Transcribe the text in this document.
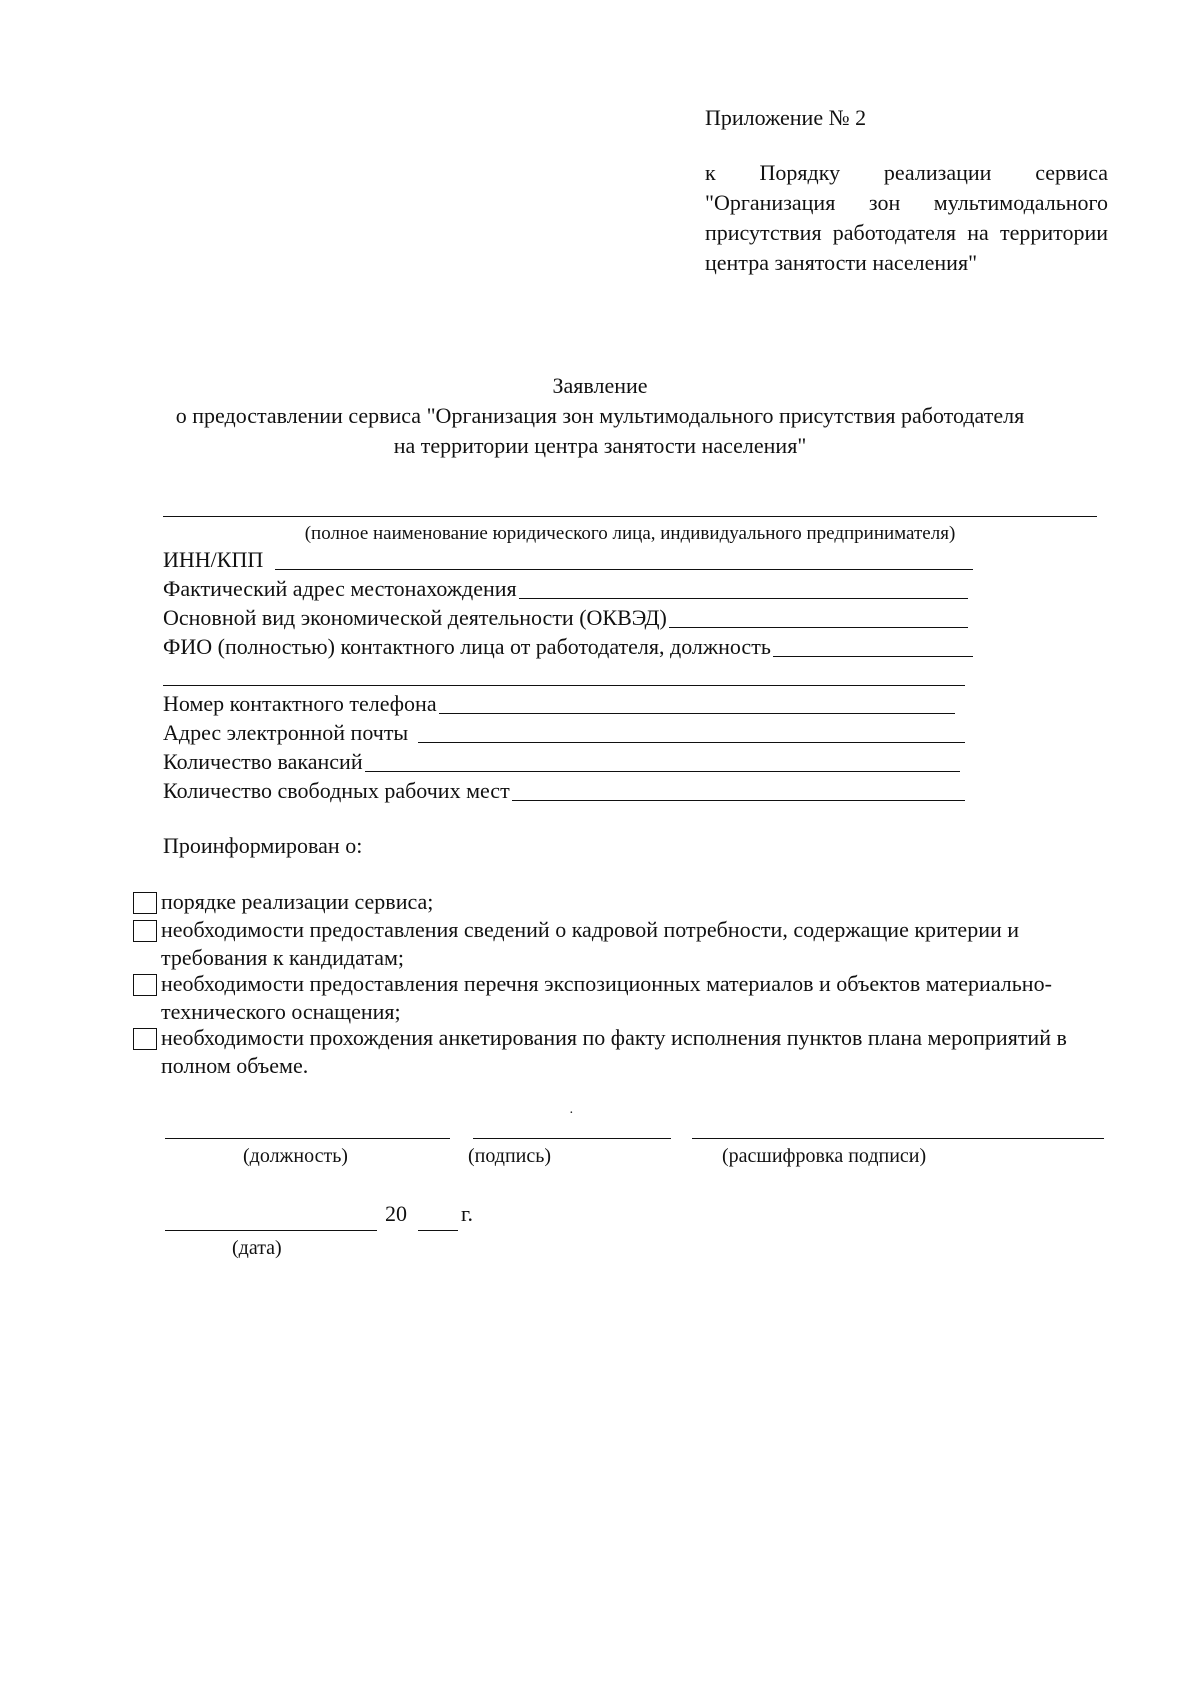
Приложение № 2
к Порядку реализации сервиса "Организация зон мультимодального присутствия работодателя на территории центра занятости населения"
Заявление
о предоставлении сервиса "Организация зон мультимодального присутствия работодателя
на территории центра занятости населения"
(полное наименование юридического лица, индивидуального предпринимателя)
ИНН/КПП
Фактический адрес местонахождения
Основной вид экономической деятельности (ОКВЭД)
ФИО (полностью) контактного лица от работодателя, должность
Номер контактного телефона
Адрес электронной почты
Количество вакансий
Количество свободных рабочих мест
Проинформирован о:
порядке реализации сервиса;
необходимости предоставления сведений о кадровой потребности, содержащие критерии и требования к кандидатам;
необходимости предоставления перечня экспозиционных материалов и объектов материально-технического оснащения;
необходимости прохождения анкетирования по факту исполнения пунктов плана мероприятий в полном объеме.
·
(должность)	(подпись)	(расшифровка подписи)
20 г.
(дата)
